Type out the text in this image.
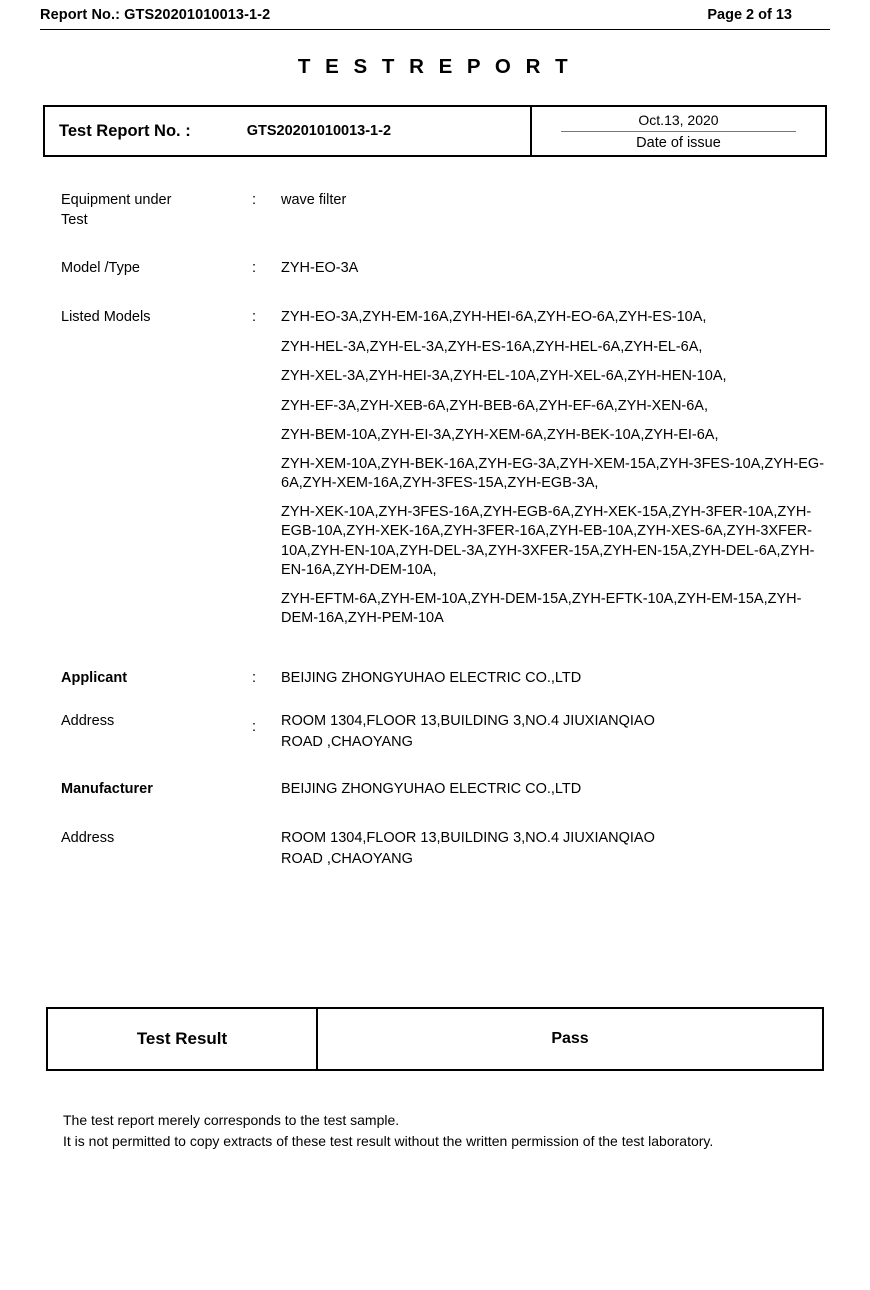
Report No.: GTS20201010013-1-2	Page 2 of 13
T E S T R E P O R T
Test Report No. :	GTS20201010013-1-2
Oct.13, 2020
Date of issue
Equipment under
Test
:	wave filter
Model /Type	:	ZYH-EO-3A
Listed Models	:	ZYH-EO-3A,ZYH-EM-16A,ZYH-HEI-6A,ZYH-EO-6A,ZYH-ES-10A,
ZYH-HEL-3A,ZYH-EL-3A,ZYH-ES-16A,ZYH-HEL-6A,ZYH-EL-6A,
ZYH-XEL-3A,ZYH-HEI-3A,ZYH-EL-10A,ZYH-XEL-6A,ZYH-HEN-10A,
ZYH-EF-3A,ZYH-XEB-6A,ZYH-BEB-6A,ZYH-EF-6A,ZYH-XEN-6A,
ZYH-BEM-10A,ZYH-EI-3A,ZYH-XEM-6A,ZYH-BEK-10A,ZYH-EI-6A,
ZYH-XEM-10A,ZYH-BEK-16A,ZYH-EG-3A,ZYH-XEM-15A,ZYH-3FES-10A,ZYH-EG-6A,ZYH-XEM-16A,ZYH-3FES-15A,ZYH-EGB-3A,
ZYH-XEK-10A,ZYH-3FES-16A,ZYH-EGB-6A,ZYH-XEK-15A,ZYH-3FER-10A,ZYH-EGB-10A,ZYH-XEK-16A,ZYH-3FER-16A,ZYH-EB-10A,ZYH-XES-6A,ZYH-3XFER-10A,ZYH-EN-10A,ZYH-DEL-3A,ZYH-3XFER-15A,ZYH-EN-15A,ZYH-DEL-6A,ZYH-EN-16A,ZYH-DEM-10A,
ZYH-EFTM-6A,ZYH-EM-10A,ZYH-DEM-15A,ZYH-EFTK-10A,ZYH-EM-15A,ZYH-DEM-16A,ZYH-PEM-10A
Applicant	:	BEIJING ZHONGYUHAO ELECTRIC CO.,LTD
Address	:	ROOM 1304,FLOOR 13,BUILDING 3,NO.4 JIUXIANQIAO
ROAD ,CHAOYANG
Manufacturer	BEIJING ZHONGYUHAO ELECTRIC CO.,LTD
Address	ROOM 1304,FLOOR 13,BUILDING 3,NO.4 JIUXIANQIAO
ROAD ,CHAOYANG
Test Result	Pass
The test report merely corresponds to the test sample.
It is not permitted to copy extracts of these test result without the written permission of the test laboratory.
